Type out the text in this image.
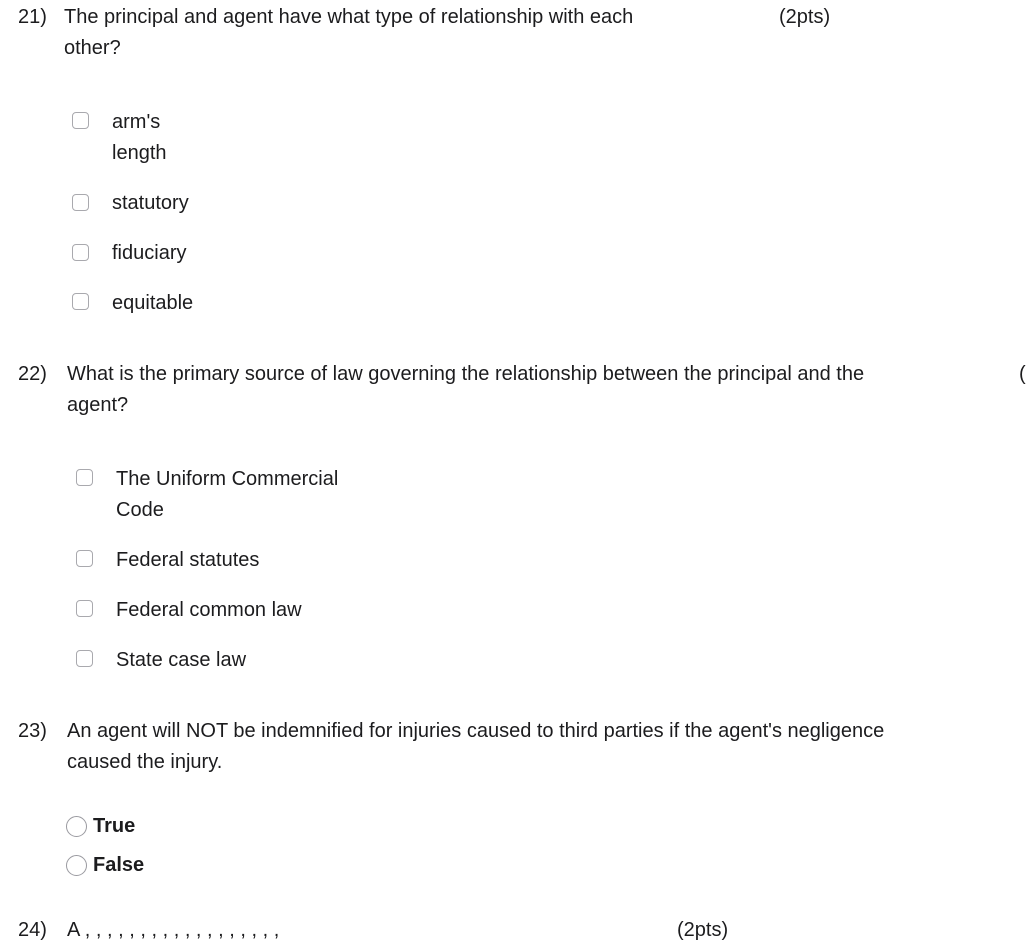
21) The principal and agent have what type of relationship with each
other?
(2pts)
arm's
length
statutory
fiduciary
equitable
22) What is the primary source of law governing the relationship between the principal and the
agent?
(
The Uniform Commercial
Code
Federal statutes
Federal common law
State case law
23) An agent will NOT be indemnified for injuries caused to third parties if the agent's negligence
caused the injury.
True
False
24) A , , , , , , , , , , , , , , , , , ,	(2pts)
